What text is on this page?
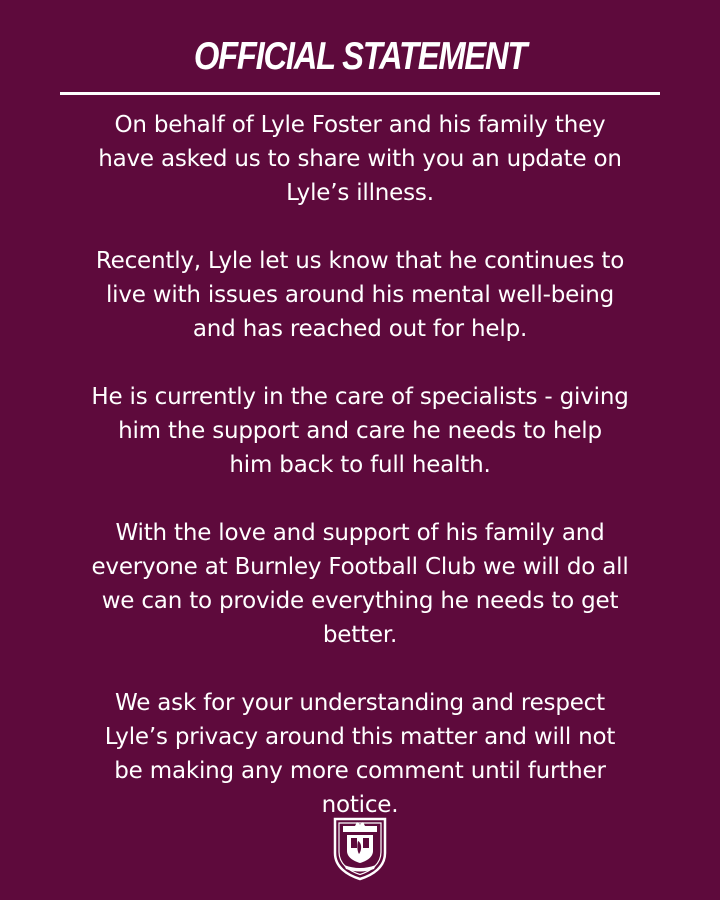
OFFICIAL STATEMENT

On behalf of Lyle Foster and his family they
have asked us to share with you an update on
Lyle’s illness.

Recently, Lyle let us know that he continues to
live with issues around his mental well-being
and has reached out for help.

He is currently in the care of specialists - giving
him the support and care he needs to help
him back to full health.

With the love and support of his family and
everyone at Burnley Football Club we will do all
we can to provide everything he needs to get
better.

We ask for your understanding and respect
Lyle’s privacy around this matter and will not
be making any more comment until further
notice.
